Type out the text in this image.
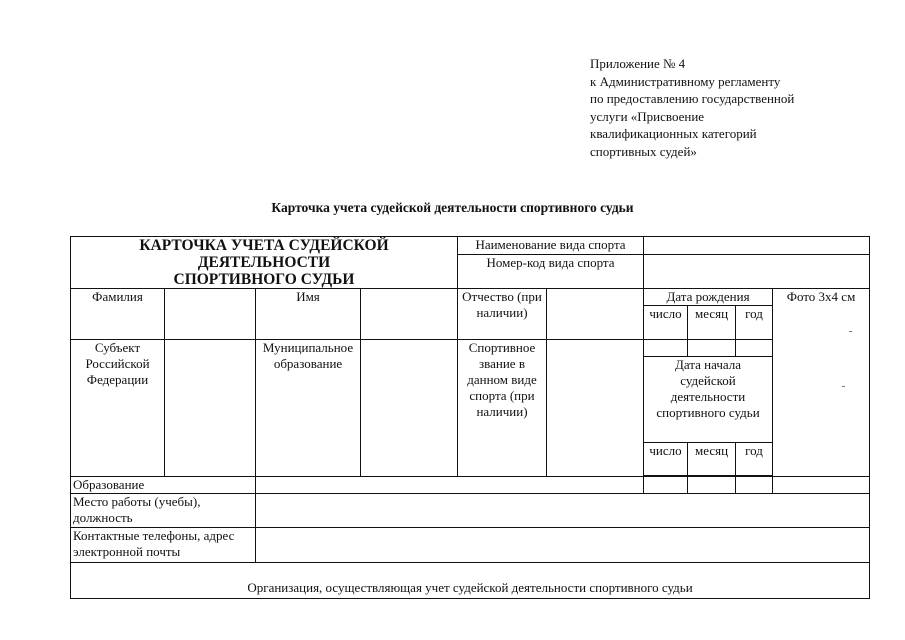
Приложение № 4
к Административному регламенту
по предоставлению государственной
услуги «Присвоение
квалификационных категорий
спортивных судей»
Карточка учета судейской деятельности спортивного судьи
КАРТОЧКА УЧЕТА СУДЕЙСКОЙ ДЕЯТЕЛЬНОСТИ
СПОРТИВНОГО СУДЬИ				Наименование вида спорта					
				Номер-код вида спорта					
Фамилия		Имя		Отчество (при наличии)		Дата рождения			Фото 3х4 см
						число	месяц	год	
Субъект Российской Федерации		Муниципальное образование		Спортивное звание в данном виде спорта (при наличии)					
						Дата начала судейской деятельности спортивного судьи			
						число	месяц	год	

Образование									
Место работы (учебы), должность									
Контактные телефоны, адрес электронной почты									
Организация, осуществляющая учет судейской деятельности спортивного судьи									
